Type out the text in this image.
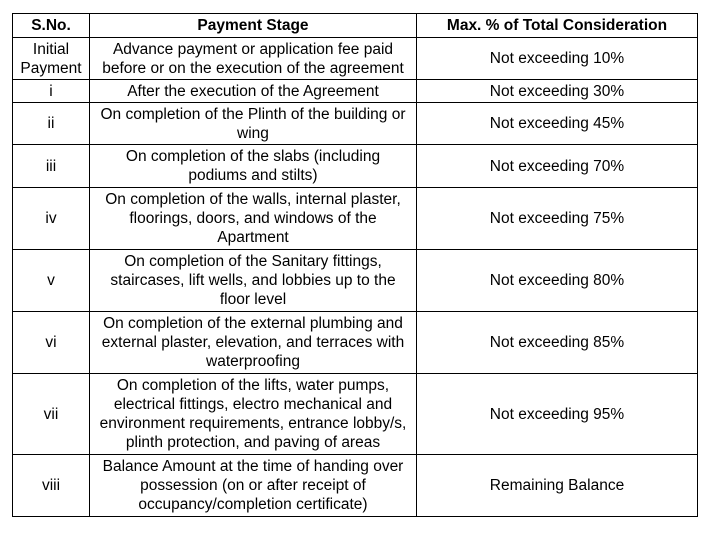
S.No.	Payment Stage	Max. % of Total Consideration
Initial Payment	Advance payment or application fee paid before or on the execution of the agreement	Not exceeding 10%
i	After the execution of the Agreement	Not exceeding 30%
ii	On completion of the Plinth of the building or wing	Not exceeding 45%
iii	On completion of the slabs (including podiums and stilts)	Not exceeding 70%
iv	On completion of the walls, internal plaster, floorings, doors, and windows of the Apartment	Not exceeding 75%
v	On completion of the Sanitary fittings, staircases, lift wells, and lobbies up to the floor level	Not exceeding 80%
vi	On completion of the external plumbing and external plaster, elevation, and terraces with waterproofing	Not exceeding 85%
vii	On completion of the lifts, water pumps, electrical fittings, electro mechanical and environment requirements, entrance lobby/s, plinth protection, and paving of areas	Not exceeding 95%
viii	Balance Amount at the time of handing over possession (on or after receipt of occupancy/completion certificate)	Remaining Balance
